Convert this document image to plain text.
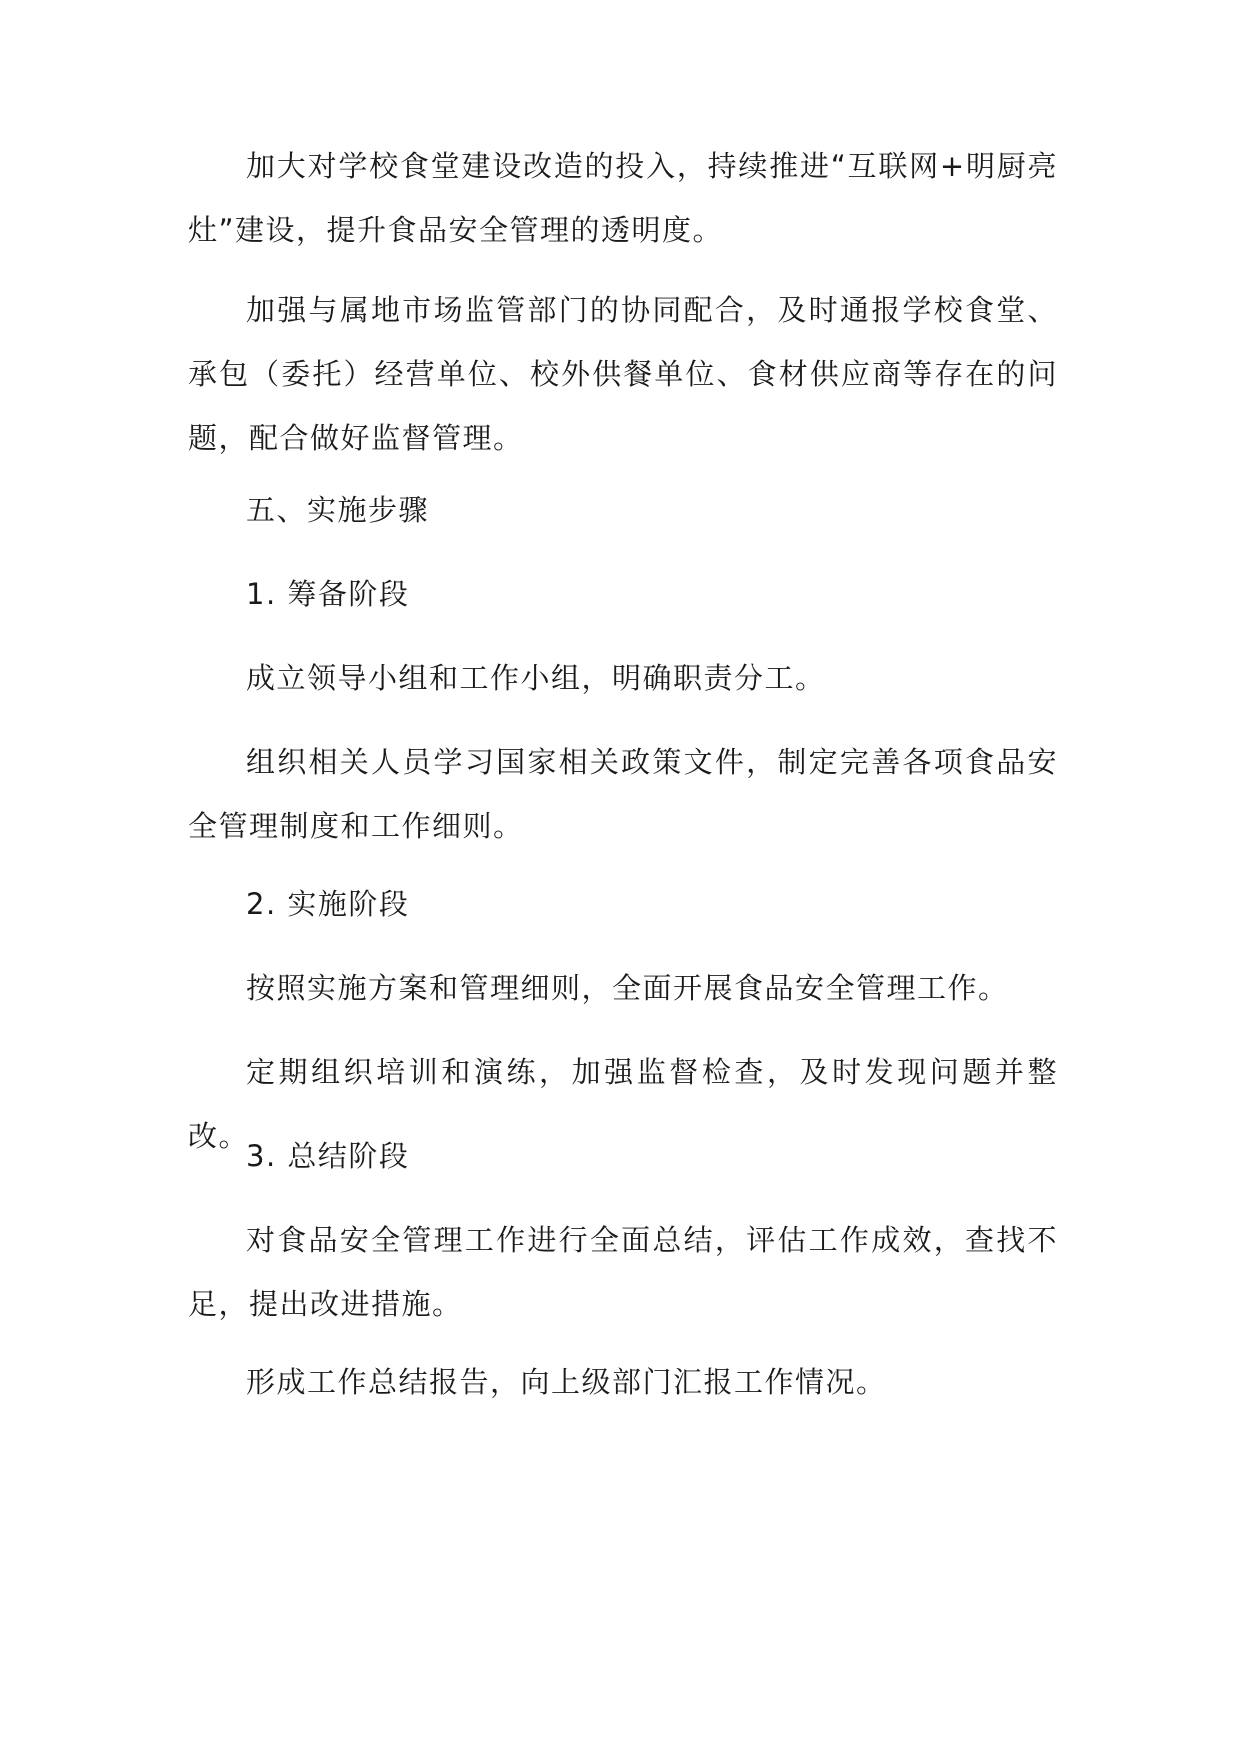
加大对学校食堂建设改造的投入，持续推进“互联网+明厨亮灶”建设，提升食品安全管理的透明度。

加强与属地市场监管部门的协同配合，及时通报学校食堂、承包（委托）经营单位、校外供餐单位、食材供应商等存在的问题，配合做好监督管理。

五、实施步骤

1. 筹备阶段

成立领导小组和工作小组，明确职责分工。

组织相关人员学习国家相关政策文件，制定完善各项食品安全管理制度和工作细则。

2. 实施阶段

按照实施方案和管理细则，全面开展食品安全管理工作。

定期组织培训和演练，加强监督检查，及时发现问题并整改。

3. 总结阶段

对食品安全管理工作进行全面总结，评估工作成效，查找不足，提出改进措施。

形成工作总结报告，向上级部门汇报工作情况。
